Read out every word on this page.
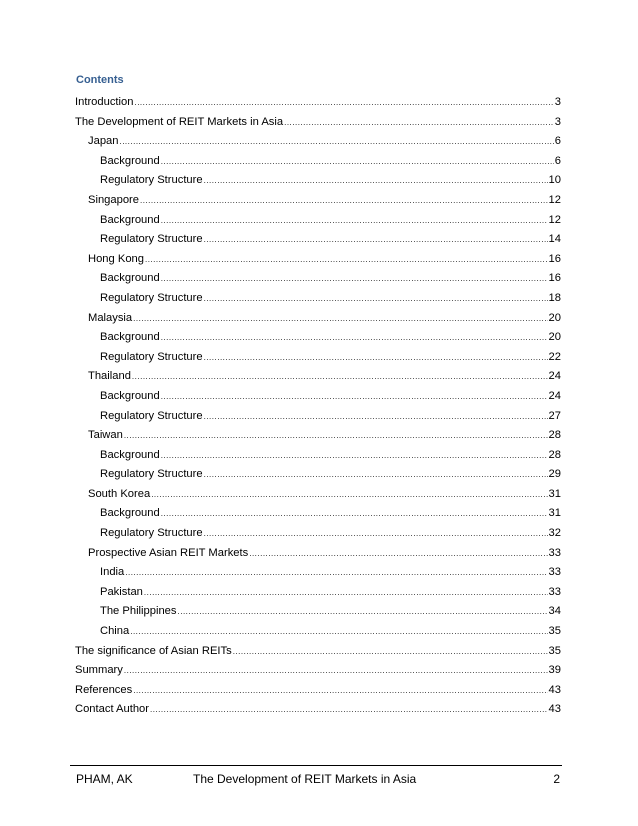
Contents
Introduction .....	3
The Development of REIT Markets in Asia .....	3
Japan .....	6
Background .....	6
Regulatory Structure .....	10
Singapore .....	12
Background .....	12
Regulatory Structure .....	14
Hong Kong .....	16
Background .....	16
Regulatory Structure .....	18
Malaysia .....	20
Background .....	20
Regulatory Structure .....	22
Thailand .....	24
Background .....	24
Regulatory Structure .....	27
Taiwan .....	28
Background .....	28
Regulatory Structure .....	29
South Korea .....	31
Background .....	31
Regulatory Structure .....	32
Prospective Asian REIT Markets .....	33
India .....	33
Pakistan .....	33
The Philippines .....	34
China .....	35
The significance of Asian REITs .....	35
Summary .....	39
References .....	43
Contact Author .....	43
PHAM, AK	The Development of REIT Markets in Asia	2
